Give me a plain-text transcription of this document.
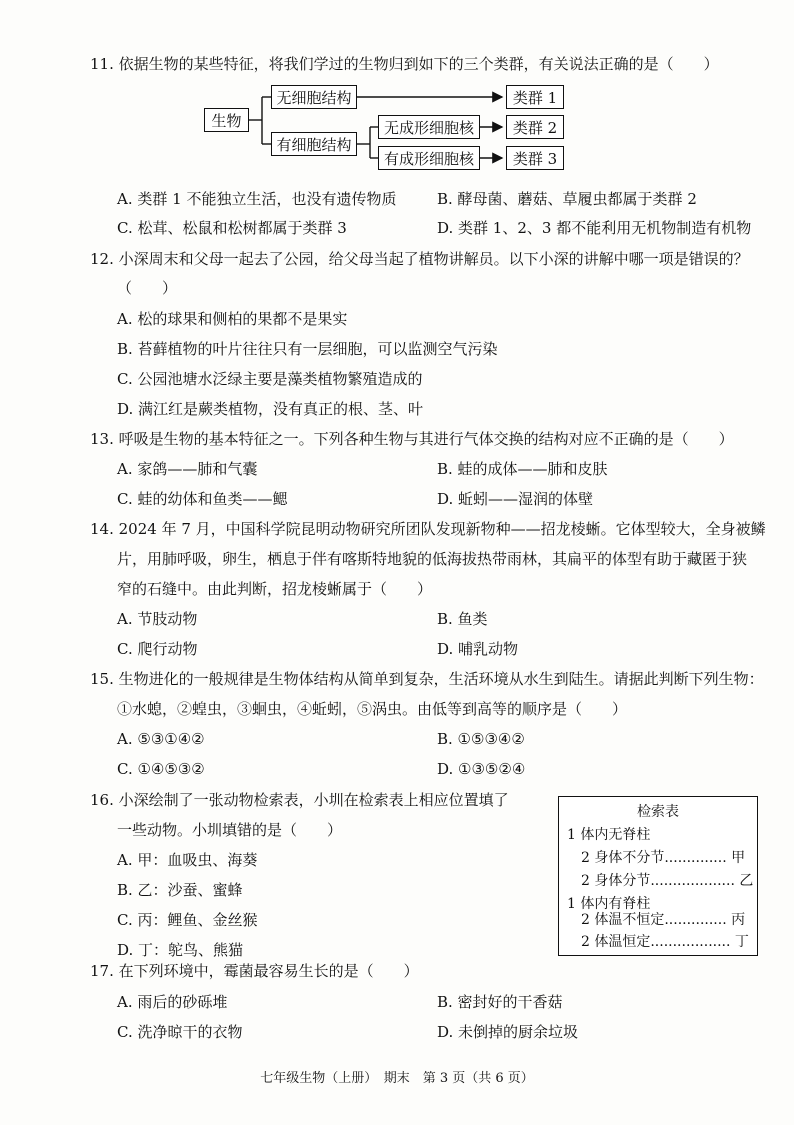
11. 依据生物的某些特征，将我们学过的生物归到如下的三个类群，有关说法正确的是（　　）
生物
无细胞结构
有细胞结构
无成形细胞核
有成形细胞核
类群 1
类群 2
类群 3
A. 类群 1 不能独立生活，也没有遗传物质	B. 酵母菌、蘑菇、草履虫都属于类群 2
C. 松茸、松鼠和松树都属于类群 3	D. 类群 1、2、3 都不能利用无机物制造有机物
12. 小深周末和父母一起去了公园，给父母当起了植物讲解员。以下小深的讲解中哪一项是错误的？
（　　）
A. 松的球果和侧柏的果都不是果实
B. 苔藓植物的叶片往往只有一层细胞，可以监测空气污染
C. 公园池塘水泛绿主要是藻类植物繁殖造成的
D. 满江红是蕨类植物，没有真正的根、茎、叶
13. 呼吸是生物的基本特征之一。下列各种生物与其进行气体交换的结构对应不正确的是（　　）
A. 家鸽——肺和气囊	B. 蛙的成体——肺和皮肤
C. 蛙的幼体和鱼类——鳃	D. 蚯蚓——湿润的体壁
14. 2024 年 7 月，中国科学院昆明动物研究所团队发现新物种——招龙棱蜥。它体型较大，全身被鳞
片，用肺呼吸，卵生，栖息于伴有喀斯特地貌的低海拔热带雨林，其扁平的体型有助于藏匿于狭
窄的石缝中。由此判断，招龙棱蜥属于（　　）
A. 节肢动物	B. 鱼类
C. 爬行动物	D. 哺乳动物
15. 生物进化的一般规律是生物体结构从简单到复杂，生活环境从水生到陆生。请据此判断下列生物：
①水螅，②蝗虫，③蛔虫，④蚯蚓，⑤涡虫。由低等到高等的顺序是（　　）
A. ⑤③①④②	B. ①⑤③④②
C. ①④⑤③②	D. ①③⑤②④
16. 小深绘制了一张动物检索表，小圳在检索表上相应位置填了
一些动物。小圳填错的是（　　）
A. 甲：血吸虫、海葵
B. 乙：沙蚕、蜜蜂
C. 丙：鲤鱼、金丝猴
D. 丁：鸵鸟、熊猫
检索表
1 体内无脊柱
2 身体不分节.............. 甲
2 身体分节................... 乙
1 体内有脊柱
2 体温不恒定.............. 丙
2 体温恒定.................. 丁
17. 在下列环境中，霉菌最容易生长的是（　　）
A. 雨后的砂砾堆	B. 密封好的干香菇
C. 洗净晾干的衣物	D. 未倒掉的厨余垃圾
七年级生物（上册）　期末　第 3 页（共 6 页）
